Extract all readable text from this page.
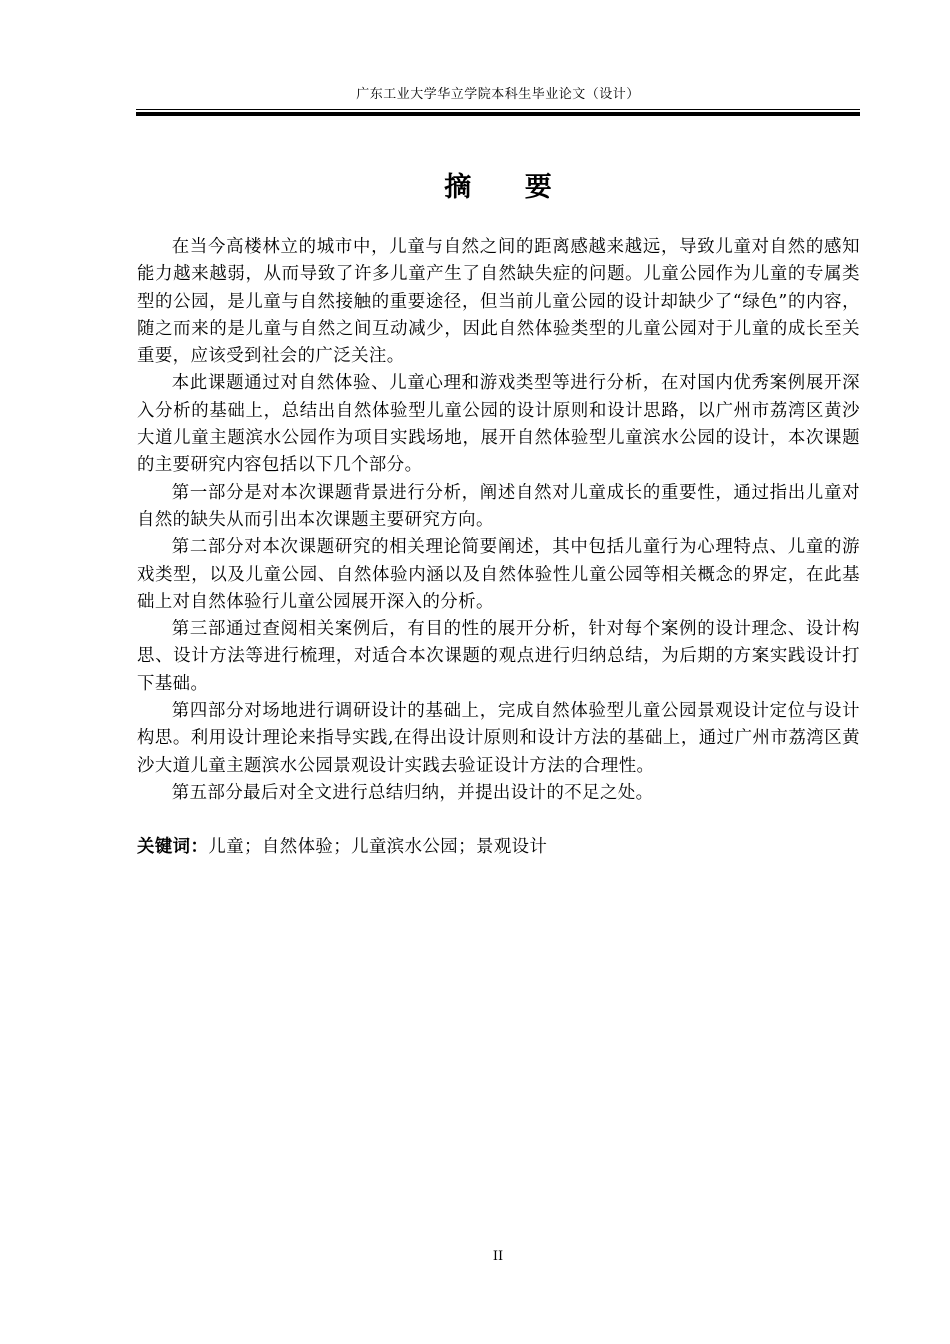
广东工业大学华立学院本科生毕业论文（设计）
摘 要

在当今高楼林立的城市中，儿童与自然之间的距离感越来越远，导致儿童对自然的感知能力越来越弱，从而导致了许多儿童产生了自然缺失症的问题。儿童公园作为儿童的专属类型的公园，是儿童与自然接触的重要途径，但当前儿童公园的设计却缺少了“绿色”的内容，随之而来的是儿童与自然之间互动减少，因此自然体验类型的儿童公园对于儿童的成长至关重要，应该受到社会的广泛关注。

本此课题通过对自然体验、儿童心理和游戏类型等进行分析，在对国内优秀案例展开深入分析的基础上，总结出自然体验型儿童公园的设计原则和设计思路，以广州市荔湾区黄沙大道儿童主题滨水公园作为项目实践场地，展开自然体验型儿童滨水公园的设计，本次课题的主要研究内容包括以下几个部分。

第一部分是对本次课题背景进行分析，阐述自然对儿童成长的重要性，通过指出儿童对自然的缺失从而引出本次课题主要研究方向。

第二部分对本次课题研究的相关理论简要阐述，其中包括儿童行为心理特点、儿童的游戏类型，以及儿童公园、自然体验内涵以及自然体验性儿童公园等相关概念的界定，在此基础上对自然体验行儿童公园展开深入的分析。

第三部通过查阅相关案例后，有目的性的展开分析，针对每个案例的设计理念、设计构思、设计方法等进行梳理，对适合本次课题的观点进行归纳总结，为后期的方案实践设计打下基础。

第四部分对场地进行调研设计的基础上，完成自然体验型儿童公园景观设计定位与设计构思。利用设计理论来指导实践,在得出设计原则和设计方法的基础上，通过广州市荔湾区黄沙大道儿童主题滨水公园景观设计实践去验证设计方法的合理性。

第五部分最后对全文进行总结归纳，并提出设计的不足之处。

关键词：儿童；自然体验；儿童滨水公园；景观设计
II
